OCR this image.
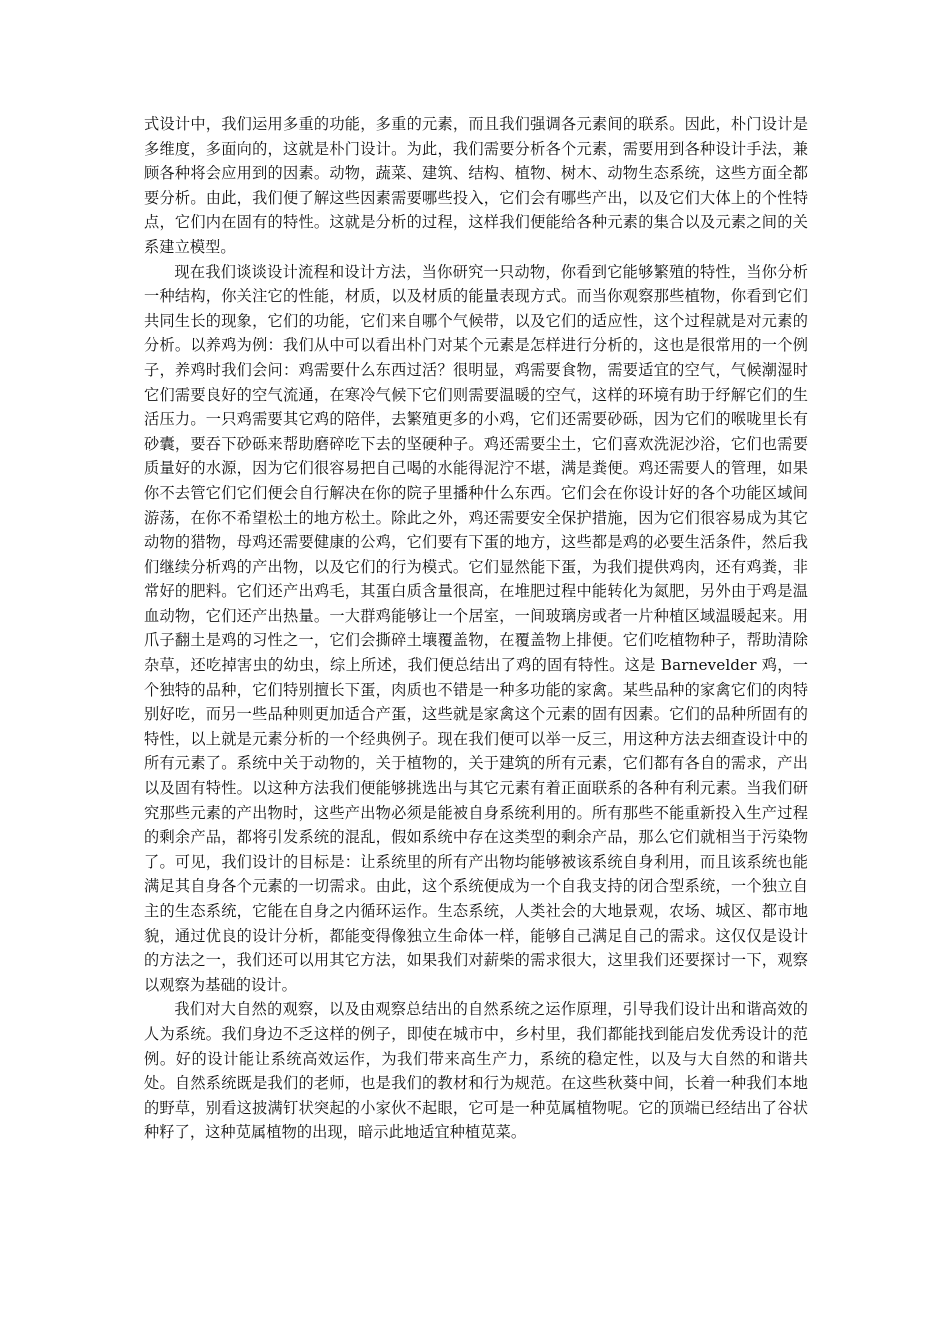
式设计中，我们运用多重的功能，多重的元素，而且我们强调各元素间的联系。因此，朴门设计是多维度，多面向的，这就是朴门设计。为此，我们需要分析各个元素，需要用到各种设计手法，兼顾各种将会应用到的因素。动物，蔬菜、建筑、结构、植物、树木、动物生态系统，这些方面全都要分析。由此，我们便了解这些因素需要哪些投入，它们会有哪些产出，以及它们大体上的个性特点，它们内在固有的特性。这就是分析的过程，这样我们便能给各种元素的集合以及元素之间的关系建立模型。

现在我们谈谈设计流程和设计方法，当你研究一只动物，你看到它能够繁殖的特性，当你分析一种结构，你关注它的性能，材质，以及材质的能量表现方式。而当你观察那些植物，你看到它们共同生长的现象，它们的功能，它们来自哪个气候带，以及它们的适应性，这个过程就是对元素的分析。以养鸡为例：我们从中可以看出朴门对某个元素是怎样进行分析的，这也是很常用的一个例子，养鸡时我们会问：鸡需要什么东西过活？很明显，鸡需要食物，需要适宜的空气，气候潮湿时它们需要良好的空气流通，在寒冷气候下它们则需要温暖的空气，这样的环境有助于纾解它们的生活压力。一只鸡需要其它鸡的陪伴，去繁殖更多的小鸡，它们还需要砂砾，因为它们的喉咙里长有砂囊，要吞下砂砾来帮助磨碎吃下去的坚硬种子。鸡还需要尘土，它们喜欢洗泥沙浴，它们也需要质量好的水源，因为它们很容易把自己喝的水能得泥泞不堪，满是粪便。鸡还需要人的管理，如果你不去管它们它们便会自行解决在你的院子里播种什么东西。它们会在你设计好的各个功能区域间游荡，在你不希望松土的地方松土。除此之外，鸡还需要安全保护措施，因为它们很容易成为其它动物的猎物，母鸡还需要健康的公鸡，它们要有下蛋的地方，这些都是鸡的必要生活条件，然后我们继续分析鸡的产出物，以及它们的行为模式。它们显然能下蛋，为我们提供鸡肉，还有鸡粪，非常好的肥料。它们还产出鸡毛，其蛋白质含量很高，在堆肥过程中能转化为氮肥，另外由于鸡是温血动物，它们还产出热量。一大群鸡能够让一个居室，一间玻璃房或者一片种植区域温暖起来。用爪子翻土是鸡的习性之一，它们会撕碎土壤覆盖物，在覆盖物上排便。它们吃植物种子，帮助清除杂草，还吃掉害虫的幼虫，综上所述，我们便总结出了鸡的固有特性。这是 Barnevelder 鸡，一个独特的品种，它们特别擅长下蛋，肉质也不错是一种多功能的家禽。某些品种的家禽它们的肉特别好吃，而另一些品种则更加适合产蛋，这些就是家禽这个元素的固有因素。它们的品种所固有的特性，以上就是元素分析的一个经典例子。现在我们便可以举一反三，用这种方法去细查设计中的所有元素了。系统中关于动物的，关于植物的，关于建筑的所有元素，它们都有各自的需求，产出以及固有特性。以这种方法我们便能够挑选出与其它元素有着正面联系的各种有利元素。当我们研究那些元素的产出物时，这些产出物必须是能被自身系统利用的。所有那些不能重新投入生产过程的剩余产品，都将引发系统的混乱，假如系统中存在这类型的剩余产品，那么它们就相当于污染物了。可见，我们设计的目标是：让系统里的所有产出物均能够被该系统自身利用，而且该系统也能满足其自身各个元素的一切需求。由此，这个系统便成为一个自我支持的闭合型系统，一个独立自主的生态系统，它能在自身之内循环运作。生态系统，人类社会的大地景观，农场、城区、都市地貌，通过优良的设计分析，都能变得像独立生命体一样，能够自己满足自己的需求。这仅仅是设计的方法之一，我们还可以用其它方法，如果我们对薪柴的需求很大，这里我们还要探讨一下，观察以观察为基础的设计。

我们对大自然的观察，以及由观察总结出的自然系统之运作原理，引导我们设计出和谐高效的人为系统。我们身边不乏这样的例子，即使在城市中，乡村里，我们都能找到能启发优秀设计的范例。好的设计能让系统高效运作，为我们带来高生产力，系统的稳定性，以及与大自然的和谐共处。自然系统既是我们的老师，也是我们的教材和行为规范。在这些秋葵中间，长着一种我们本地的野草，别看这披满钉状突起的小家伙不起眼，它可是一种苋属植物呢。它的顶端已经结出了谷状种籽了，这种苋属植物的出现，暗示此地适宜种植苋菜。
